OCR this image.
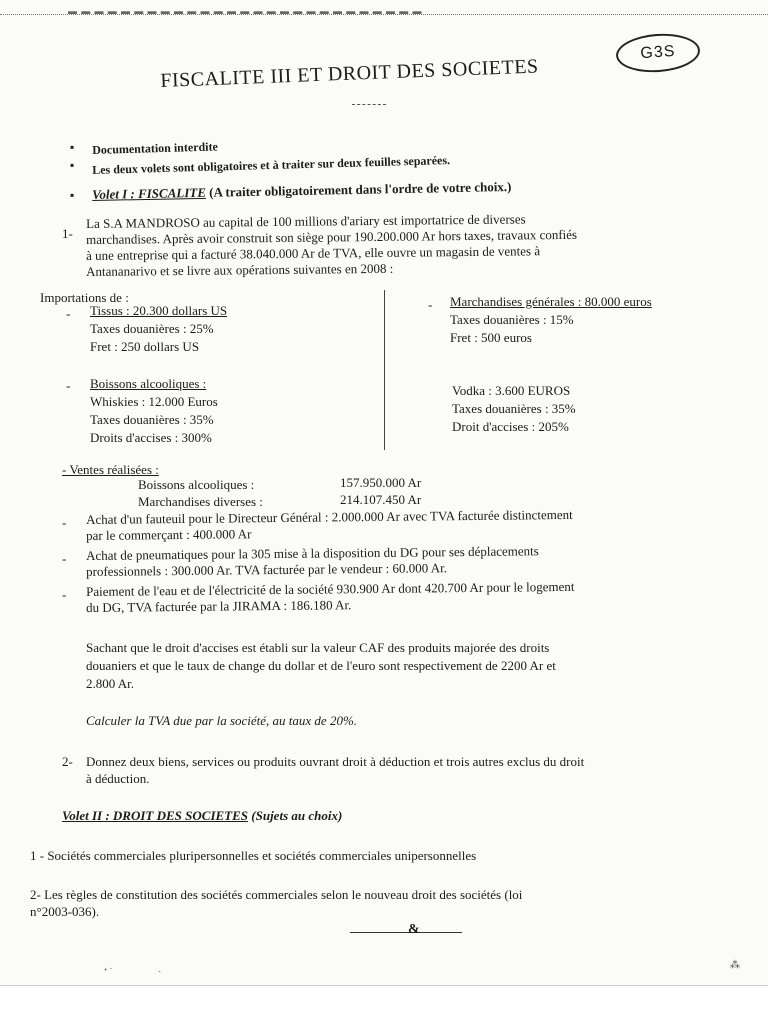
▬ ▬ ▬ ▬ ▬ ▬ ▬ ▬ ▬ ▬ ▬ ▬ ▬ ▬ ▬ ▬ ▬ ▬ ▬ ▬ ▬ ▬ ▬ ▬ ▬ ▬ ▬
G3S
FISCALITE III ET DROIT DES SOCIETES
▪ Documentation interdite
▪ Les deux volets sont obligatoires et à traiter sur deux feuilles separées.
▪ Volet I : FISCALITE (A traiter obligatoirement dans l'ordre de votre choix.)
1-
La S.A MANDROSO au capital de 100 millions d'ariary est importatrice de diverses
marchandises. Après avoir construit son siège pour 190.200.000 Ar hors taxes, travaux confiés
à une entreprise qui a facturé 38.040.000 Ar de TVA, elle ouvre un magasin de ventes à
Antananarivo et se livre aux opérations suivantes en 2008 :
Importations de :
- Tissus : 20.300 dollars US
Taxes douanières : 25%
Fret : 250 dollars US
- Marchandises générales : 80.000 euros
Taxes douanières : 15%
Fret : 500 euros
- Boissons alcooliques :
Whiskies : 12.000 Euros
Taxes douanières : 35%
Droits d'accises : 300%
Vodka : 3.600 EUROS
Taxes douanières : 35%
Droit d'accises : 205%
- Ventes réalisées :
Boissons alcooliques :	157.950.000 Ar
Marchandises diverses :	214.107.450 Ar
- Achat d'un fauteuil pour le Directeur Général : 2.000.000 Ar avec TVA facturée distinctement
par le commerçant : 400.000 Ar
- Achat de pneumatiques pour la 305 mise à la disposition du DG pour ses déplacements
professionnels : 300.000 Ar. TVA facturée par le vendeur : 60.000 Ar.
- Paiement de l'eau et de l'électricité de la société 930.900 Ar dont 420.700 Ar pour le logement
du DG, TVA facturée par la JIRAMA : 186.180 Ar.
Sachant que le droit d'accises est établi sur la valeur CAF des produits majorée des droits
douaniers et que le taux de change du dollar et de l'euro sont respectivement de 2200 Ar et
2.800 Ar.
Calculer la TVA due par la société, au taux de 20%.
2- Donnez deux biens, services ou produits ouvrant droit à déduction et trois autres exclus du droit
à déduction.
Volet II : DROIT DES SOCIETES (Sujets au choix)
1 - Sociétés commerciales pluripersonnelles et sociétés commerciales unipersonnelles
2- Les règles de constitution des sociétés commerciales selon le nouveau droit des sociétés (loi
n°2003-036).
&
ꞏ ˑ	ˏ	⁂
